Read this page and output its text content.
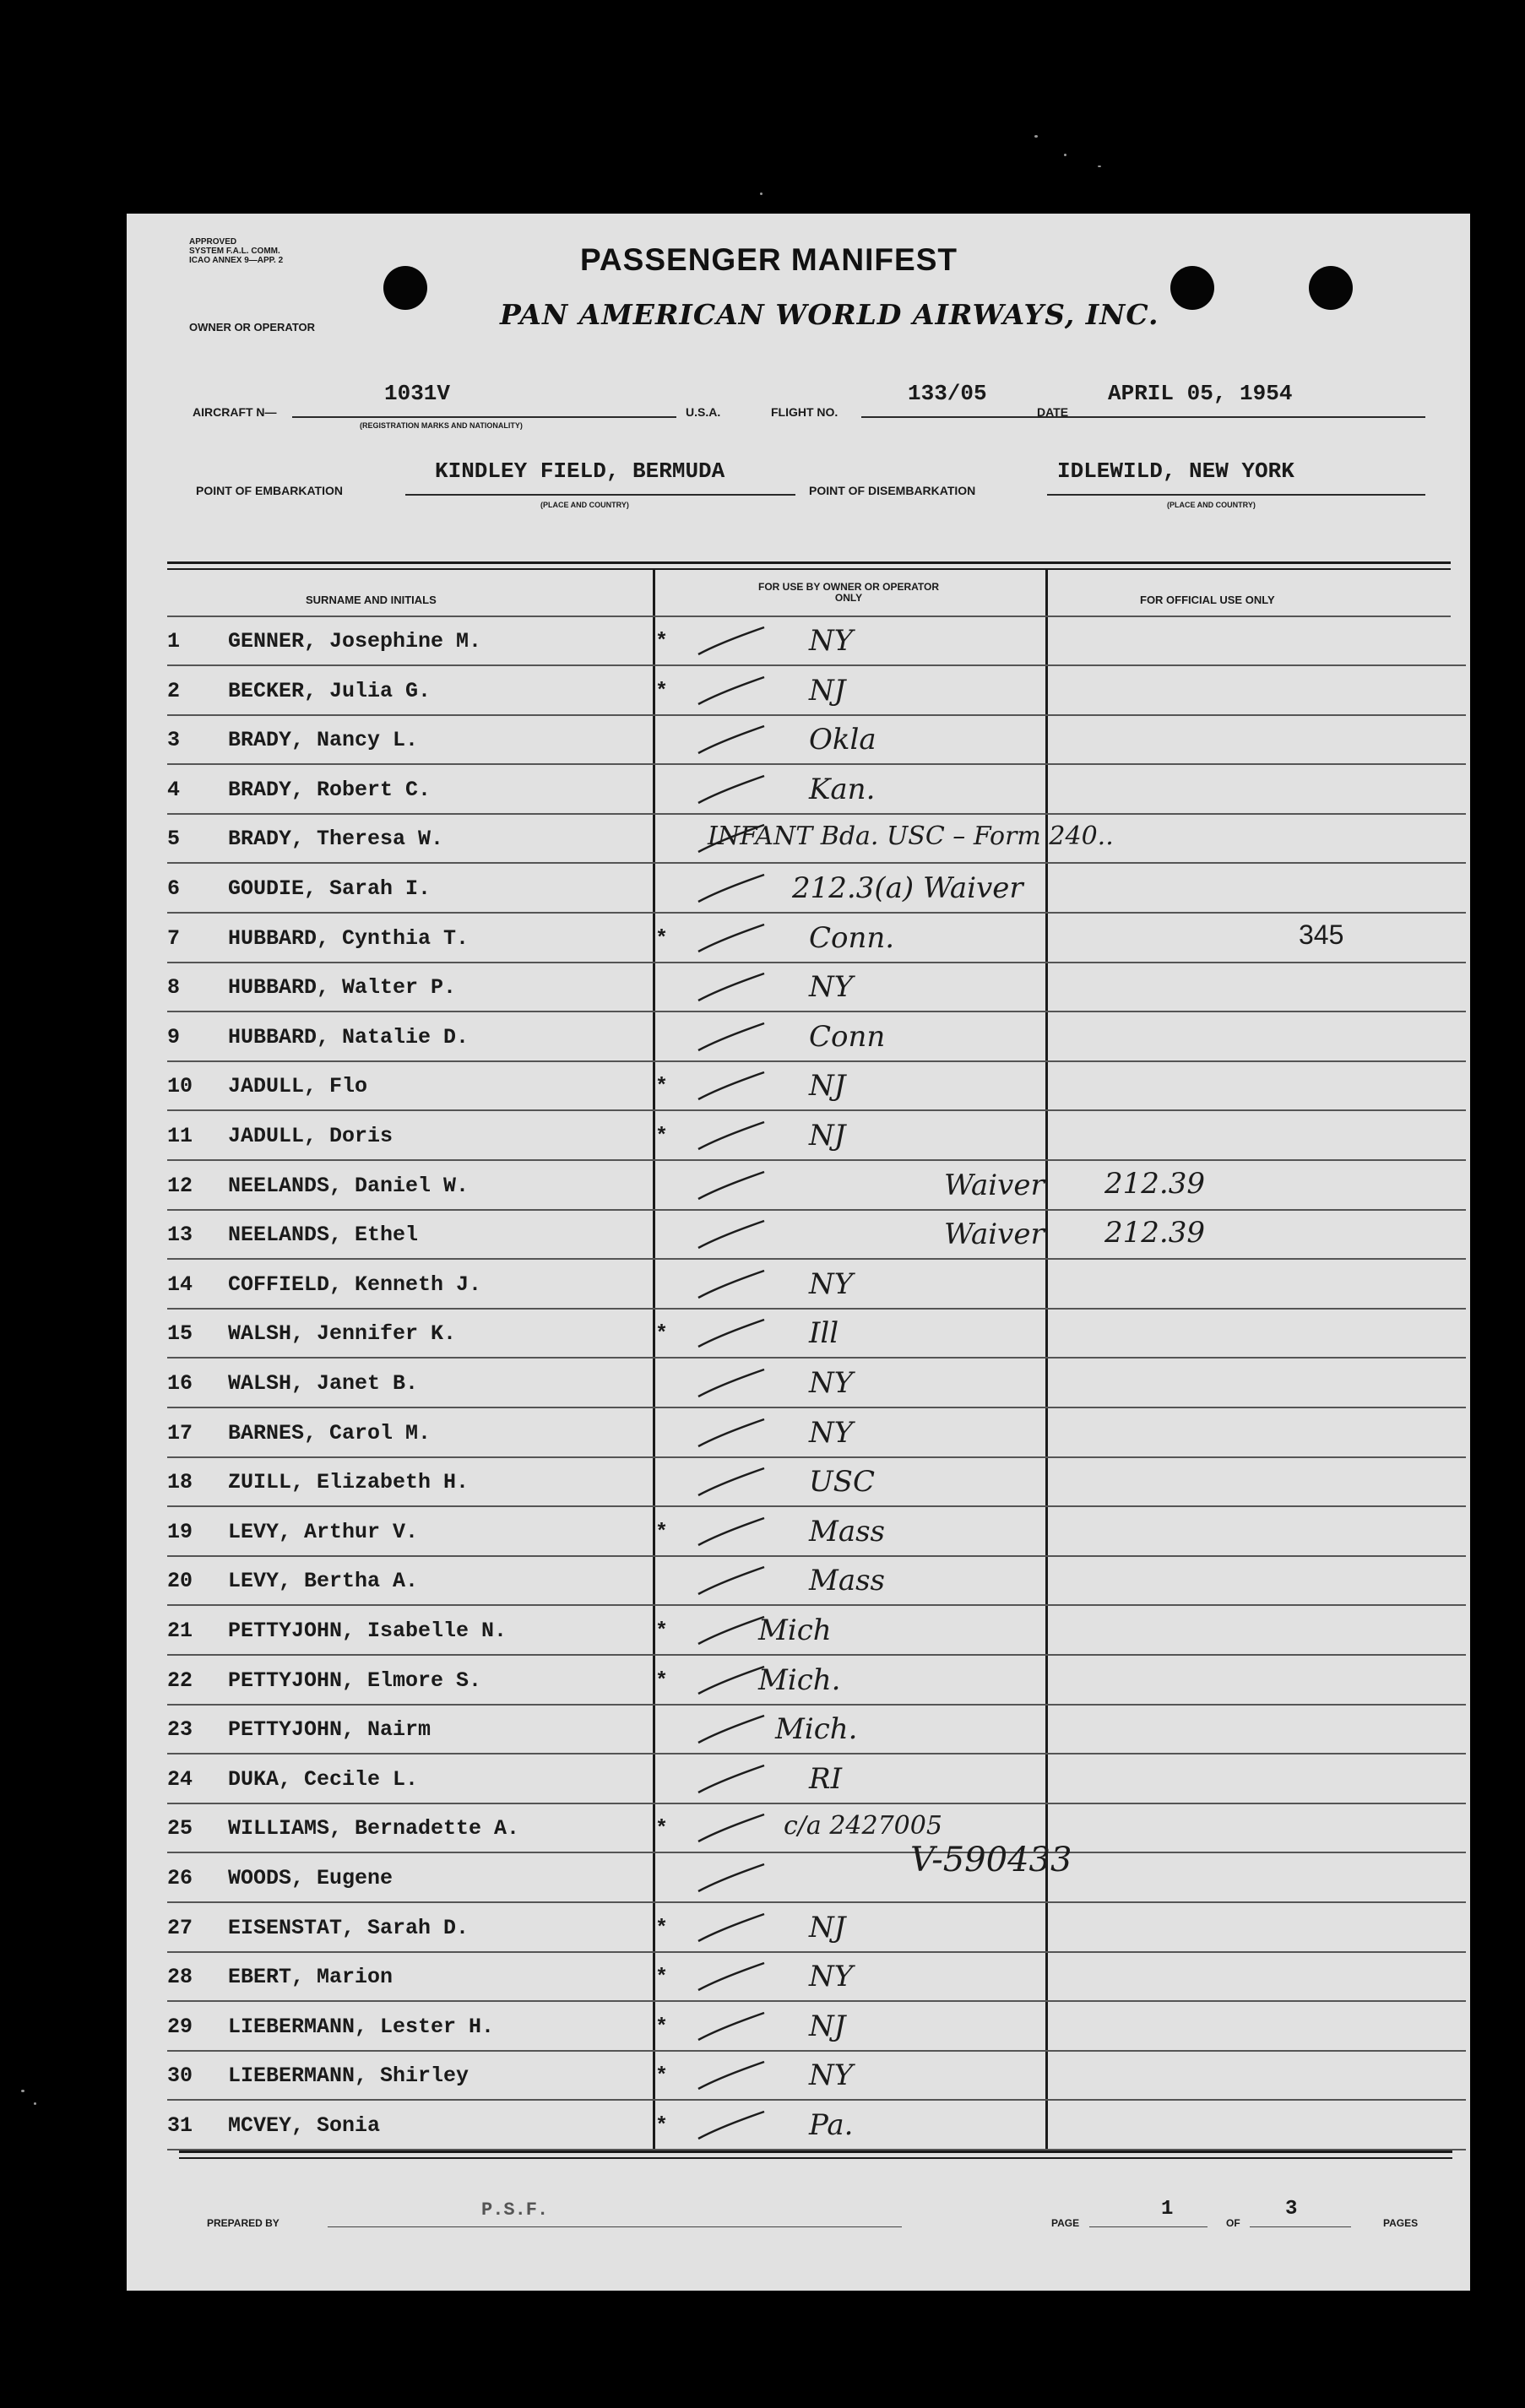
APPROVED
SYSTEM F.A.L. COMM.
ICAO ANNEX 9—APP. 2
OWNER OR OPERATOR
PASSENGER MANIFEST
PAN AMERICAN WORLD AIRWAYS, INC.
AIRCRAFT N—
1031V
(REGISTRATION MARKS AND NATIONALITY)
U.S.A.	FLIGHT NO.
133/05
DATE
APRIL 05, 1954
POINT OF EMBARKATION
KINDLEY FIELD, BERMUDA
(PLACE AND COUNTRY)
POINT OF DISEMBARKATION
IDLEWILD, NEW YORK
(PLACE AND COUNTRY)
SURNAME AND INITIALS
FOR USE BY OWNER OR OPERATOR ONLY	FOR OFFICIAL USE ONLY
1 GENNER, Josephine M.	*	NY
2 BECKER, Julia G.	*	NJ
3 BRADY, Nancy L.	Okla
4 BRADY, Robert C.	Kan.
5 BRADY, Theresa W.	INFANT Bda. USC – Form 240..
6 GOUDIE, Sarah I.	212.3(a) Waiver
7 HUBBARD, Cynthia T.	*	Conn.	345
8 HUBBARD, Walter P.	NY
9 HUBBARD, Natalie D.	Conn
10 JADULL, Flo	*	NJ
11 JADULL, Doris	*	NJ
12 NEELANDS, Daniel W.	Waiver 212.39
13 NEELANDS, Ethel	Waiver 212.39
14 COFFIELD, Kenneth J.	NY
15 WALSH, Jennifer K.	*	Ill
16 WALSH, Janet B.	NY
17 BARNES, Carol M.	NY
18 ZUILL, Elizabeth H.	USC
19 LEVY, Arthur V.	*	Mass
20 LEVY, Bertha A.	Mass
21 PETTYJOHN, Isabelle N.	*	Mich
22 PETTYJOHN, Elmore S.	*	Mich.
23 PETTYJOHN, Nairm	Mich.
24 DUKA, Cecile L.	RI
25 WILLIAMS, Bernadette A.	*	c/a 2427005
26 WOODS, Eugene	V-590433
27 EISENSTAT, Sarah D.	*	NJ
28 EBERT, Marion	*	NY
29 LIEBERMANN, Lester H.	*	NJ
30 LIEBERMANN, Shirley	*	NY
31 MCVEY, Sonia	*	Pa.
PREPARED BY
P.S.F.
PAGE
1
OF
3
PAGES
